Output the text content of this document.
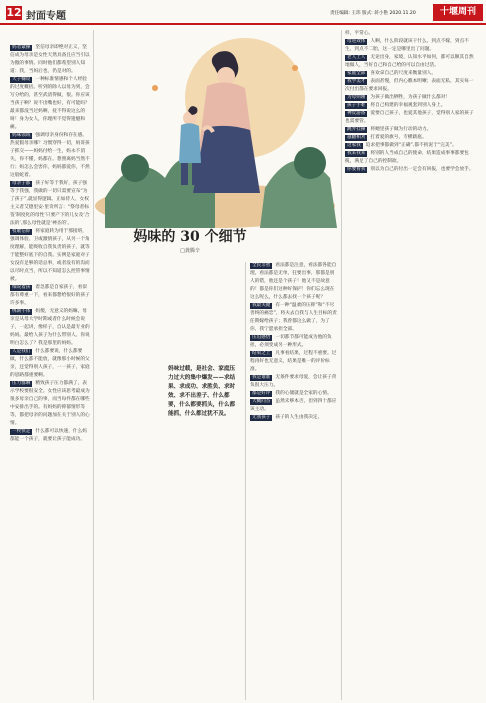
12 封面专题	责任编辑: 王玮 版式: 蒋小艳 2020.11.20	十堰周刊
妈味的 30 个细节
□龚腾辛

妈者紧操 坚信母亲即绝对正义，坚信成为母亲是女性天然具备且应当引以为傲的事情。同时他们都希望别人知道：我，当妈后也，仍是对的。

大子鞠说 一种标准情感和个人经验的过度概括。听到的除人以母为到，会写分给的，甚至武清得做，很。你应该当孩子啊？说不出嘴也好，有可能吗？最来都没当过妈啊，抚不得说这么的呀！身为女人，你理所不觉得遗憾和痛。

妈味领域 强调母亲身份和存在感。热爱假母亲哪？习惯穿得一切，妈哥孩子抓交——妈妈付给一生，妈永不消失，你不懂，妈都在。想照离妈当然不行；妈怎么会害你，妈妈都爱你，不然这般蛇着。

母亲子都 孩子好等于我好，孩子强等于我强，我做的一切只需要宣布“为了孩子”,就显得逻辑。正如侍人、女权主义者艾德里安·里奇所言：“祭母者标签‘制度化的母性’只要产下的儿女及‘合法的’,那么母性就是‘神圣的’。

牧歌信仰 将家庭转为用于那接班，强调体验、卫或激情孩子，从另一个角度理解，能吸收自我负责的孩子，就等于能整好底下的自我。实例是家庭对子女没有足够的话总事，或者没有的沟而以尽时点当，所以不知道怎么控管事情被。

细说着孩 着急都是自家孩子，看似都有尊重一下，看来都想给很好的孩子许多事。

绑期不体 妈傻，无意义的妈嘛，母亲是从母大学时期或者什么时候会说子，一起讲，像样子，自认是最专业的妈妈。最给人孩子为什么带别人。你说明白怎么了？我是那里的妈妈。

人是我们 什么都要说，什么都要做，什么都不能放，就像那小时候的父亲，还觉得别人孩子，一一孩子，家庭的思路都重要啊。

压力群聊 精致孩子压力都满了，表示学校要很安全。女性应该思考最成为很多母亲自己的事，而当每件都在哪些中安排出手的。有妈妈的抑郁情形等等，都把母亲的问题加在关于别人的心情。

一枚快走 什么都可以快速，什么妈都能一个孩子，就要让孩子能成功。

妈味过载，是社会、家庭压力过大的集中爆发——求结果、求成功、求胜负、求时效、求不出差子、什么都要，什么都要抓头，什么都能抓，什么都过犹不及。

全民非智 看法都是注意，看法都各能自理，看法都是无单，狂要出事，那都是别人的错，他还是个孩子！他又不是故意的！都是你们这种好保护！你们忘么现在这么呢么，什么都去找一个孩子呢？

我最关键 有一种“温柔的压抑”和“不尽善终的痛恋”，将夫去自我与人生目标的责任期嫁给孩子；我曾都这么做了，为了你，我宁愿承担全部。

压迫感悟 一切都节都可能成为他的负担，必须变成另一种形式。

结束之上 凡事看结果，过程不重要。过程再好也无意义，结果是唯一的评价标准。

我是谁谁 无条件要求母爱，会让孩子背负很大压力。

都是好评 我的心储就是全家的心情。

大概问答 虽然未够本否，但到四十都应该主动。

无我孩子 孩子的人生由我决定。

样，平常心。

母进效体 人啊，什么阶段就该干什么。到点不嫁，到点不生，到点不二胎，这一定是哪里出了问题。

老人上人 无论出身，家境，认知水平如何，都可以顺其自然地做人，当好自己和自己给的可以自由过活。

家庭全部 喜欢拿自己的尺度来衡量别人。

我学美才 表面甚慢，但内心瞧本明晰；表面无私，其实每一次付出都在要求回报。

为母则刚 为孩子做出牺牲，为孩子做什么都对！

孩子手难 将自己构建的幸福观套到别人身上。

神皮游备 爱要自己孩子，也爱其他孩子，觉得别人家的孩子也需要管。

跳弄挂操 将她里孩子做为行动的动力。

越翻相劝 打着爱的旗号，专横跋扈。

这家我 追求把事都做到“正确”,都不拘泥于“完美”。

我来我来 将别的人当成自己的使命，结果造成事事都要包揽，满足了自己的控制欲。

你要看我 别以为自己的付出一定会有回报，也要学会放手。
